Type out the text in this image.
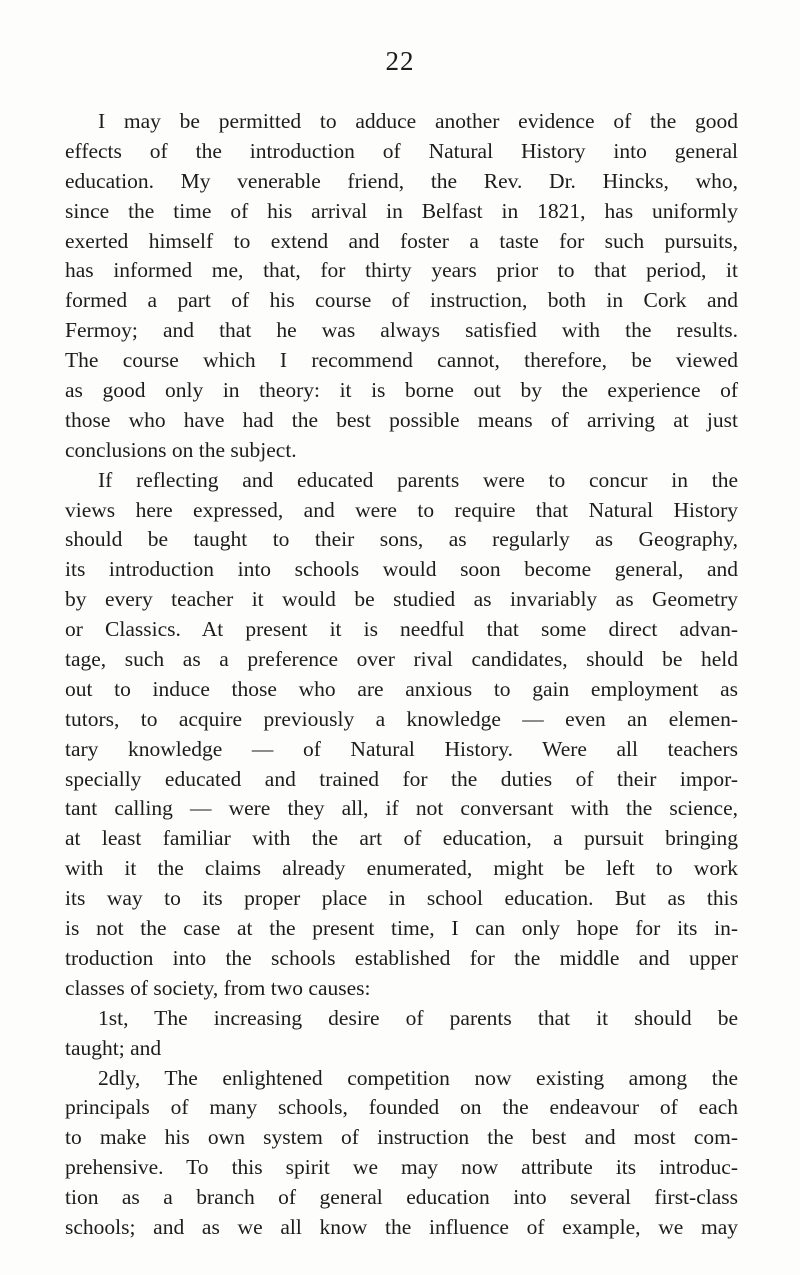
22
I may be permitted to adduce another evidence of the good
effects of the introduction of Natural History into general
education. My venerable friend, the Rev. Dr. Hincks, who,
since the time of his arrival in Belfast in 1821, has uniformly
exerted himself to extend and foster a taste for such pursuits,
has informed me, that, for thirty years prior to that period, it
formed a part of his course of instruction, both in Cork and
Fermoy; and that he was always satisfied with the results.
The course which I recommend cannot, therefore, be viewed
as good only in theory: it is borne out by the experience of
those who have had the best possible means of arriving at just
conclusions on the subject.
If reflecting and educated parents were to concur in the
views here expressed, and were to require that Natural History
should be taught to their sons, as regularly as Geography,
its introduction into schools would soon become general, and
by every teacher it would be studied as invariably as Geometry
or Classics. At present it is needful that some direct advan-
tage, such as a preference over rival candidates, should be held
out to induce those who are anxious to gain employment as
tutors, to acquire previously a knowledge — even an elemen-
tary knowledge — of Natural History. Were all teachers
specially educated and trained for the duties of their impor-
tant calling — were they all, if not conversant with the science,
at least familiar with the art of education, a pursuit bringing
with it the claims already enumerated, might be left to work
its way to its proper place in school education. But as this
is not the case at the present time, I can only hope for its in-
troduction into the schools established for the middle and upper
classes of society, from two causes:
1st, The increasing desire of parents that it should be
taught; and
2dly, The enlightened competition now existing among the
principals of many schools, founded on the endeavour of each
to make his own system of instruction the best and most com-
prehensive. To this spirit we may now attribute its introduc-
tion as a branch of general education into several first-class
schools; and as we all know the influence of example, we may
